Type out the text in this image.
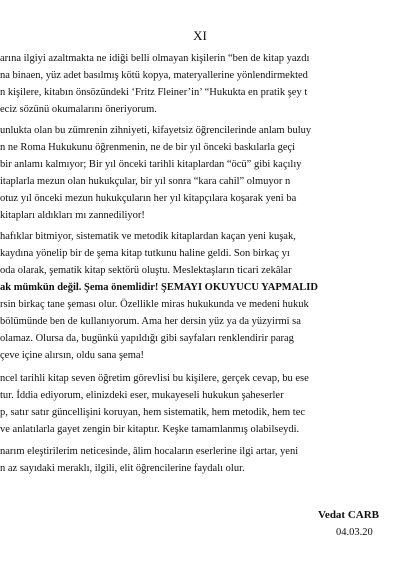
XI
arına ilgiyi azaltmakta ne idiği belli olmayan kişilerin “ben de kitap yazdı
na binaen, yüz adet basılmış kötü kopya, materyallerine yönlendirmekted
n kişilere, kitabın önsözündeki ‘Fritz Fleiner’in’ “Hukukta en pratik şey t
eciz sözünü okumalarını öneriyorum.
unlukta olan bu zümrenin zihniyeti, kifayetsiz öğrencilerinde anlam buluy
n ne Roma Hukukunu öğrenmenin, ne de bir yıl önceki baskılarla geçi
bir anlamı kalmıyor; Bir yıl önceki tarihli kitaplardan “öcü” gibi kaçılıy
itaplarla mezun olan hukukçular, bir yıl sonra “kara cahil” olmuyor n
otuz yıl önceki mezun hukukçuların her yıl kitapçılara koşarak yeni ba
kitapları aldıkları mı zannediliyor!
hafıklar bitmiyor, sistematik ve metodik kitaplardan kaçan yeni kuşak,
kaydına yönelip bir de şema kitap tutkunu haline geldi. Son birkaç yı
oda olarak, şematik kitap sektörü oluştu. Meslektaşların ticari zekâlar
ak mümkün değil. Şema önemlidir! ŞEMAYI OKUYUCU YAPMALID
rsin birkaç tane şeması olur. Özellikle miras hukukunda ve medeni hukuk
bölümünde ben de kullanıyorum. Ama her dersin yüz ya da yüzyirmi sa
olamaz. Olursa da, bugünkü yapıldığı gibi sayfaları renklendirir parag
çeve içine alırsın, oldu sana şema!
ncel tarihli kitap seven öğretim görevlisi bu kişilere, gerçek cevap, bu ese
tur. İddia ediyorum, elinizdeki eser, mukayeseli hukukun şaheserler
p, satır satır güncellişini koruyan, hem sistematik, hem metodik, hem tec
ve anlatılarla gayet zengin bir kitaptır. Keşke tamamlanmış olabilseydi.
narım eleştirilerim neticesinde, âlim hocaların eserlerine ilgi artar, yeni
n az sayıdaki meraklı, ilgili, elit öğrencilerine faydalı olur.
Vedat CARB
04.03.20
